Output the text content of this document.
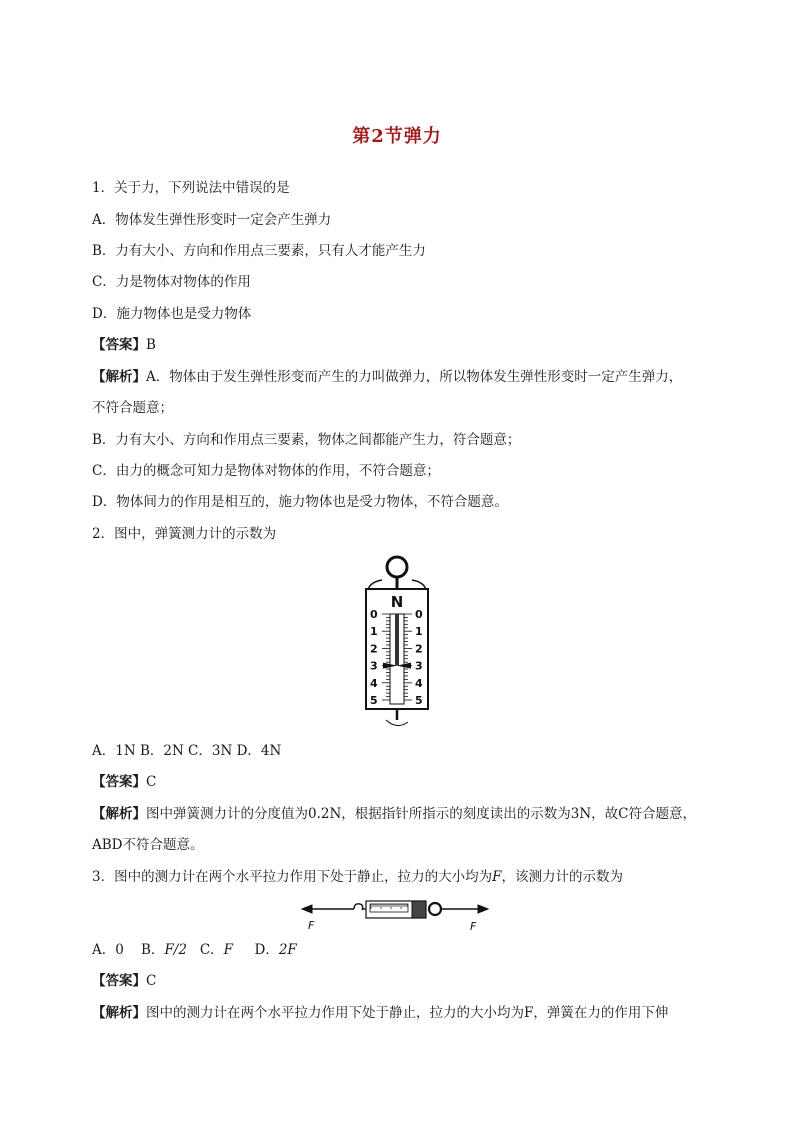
第2节弹力
1．关于力，下列说法中错误的是
A．物体发生弹性形变时一定会产生弹力
B．力有大小、方向和作用点三要素，只有人才能产生力
C．力是物体对物体的作用
D．施力物体也是受力物体
【答案】B
【解析】A．物体由于发生弹性形变而产生的力叫做弹力，所以物体发生弹性形变时一定产生弹力，
不符合题意；
B．力有大小、方向和作用点三要素，物体之间都能产生力，符合题意；
C．由力的概念可知力是物体对物体的作用，不符合题意；
D．物体间力的作用是相互的，施力物体也是受力物体，不符合题意。
2．图中，弹簧测力计的示数为
N
0
1
2
3
4
5
0
1
2
3
4
5
A．1N B．2N C．3N D．4N
【答案】C
【解析】图中弹簧测力计的分度值为0.2N，根据指针所指示的刻度读出的示数为3N，故C符合题意，
ABD不符合题意。
3．图中的测力计在两个水平拉力作用下处于静止，拉力的大小均为F，该测力计的示数为
F	F
A．0 B．F/2 C．F D．2F
【答案】C
【解析】图中的测力计在两个水平拉力作用下处于静止，拉力的大小均为F，弹簧在力的作用下伸
